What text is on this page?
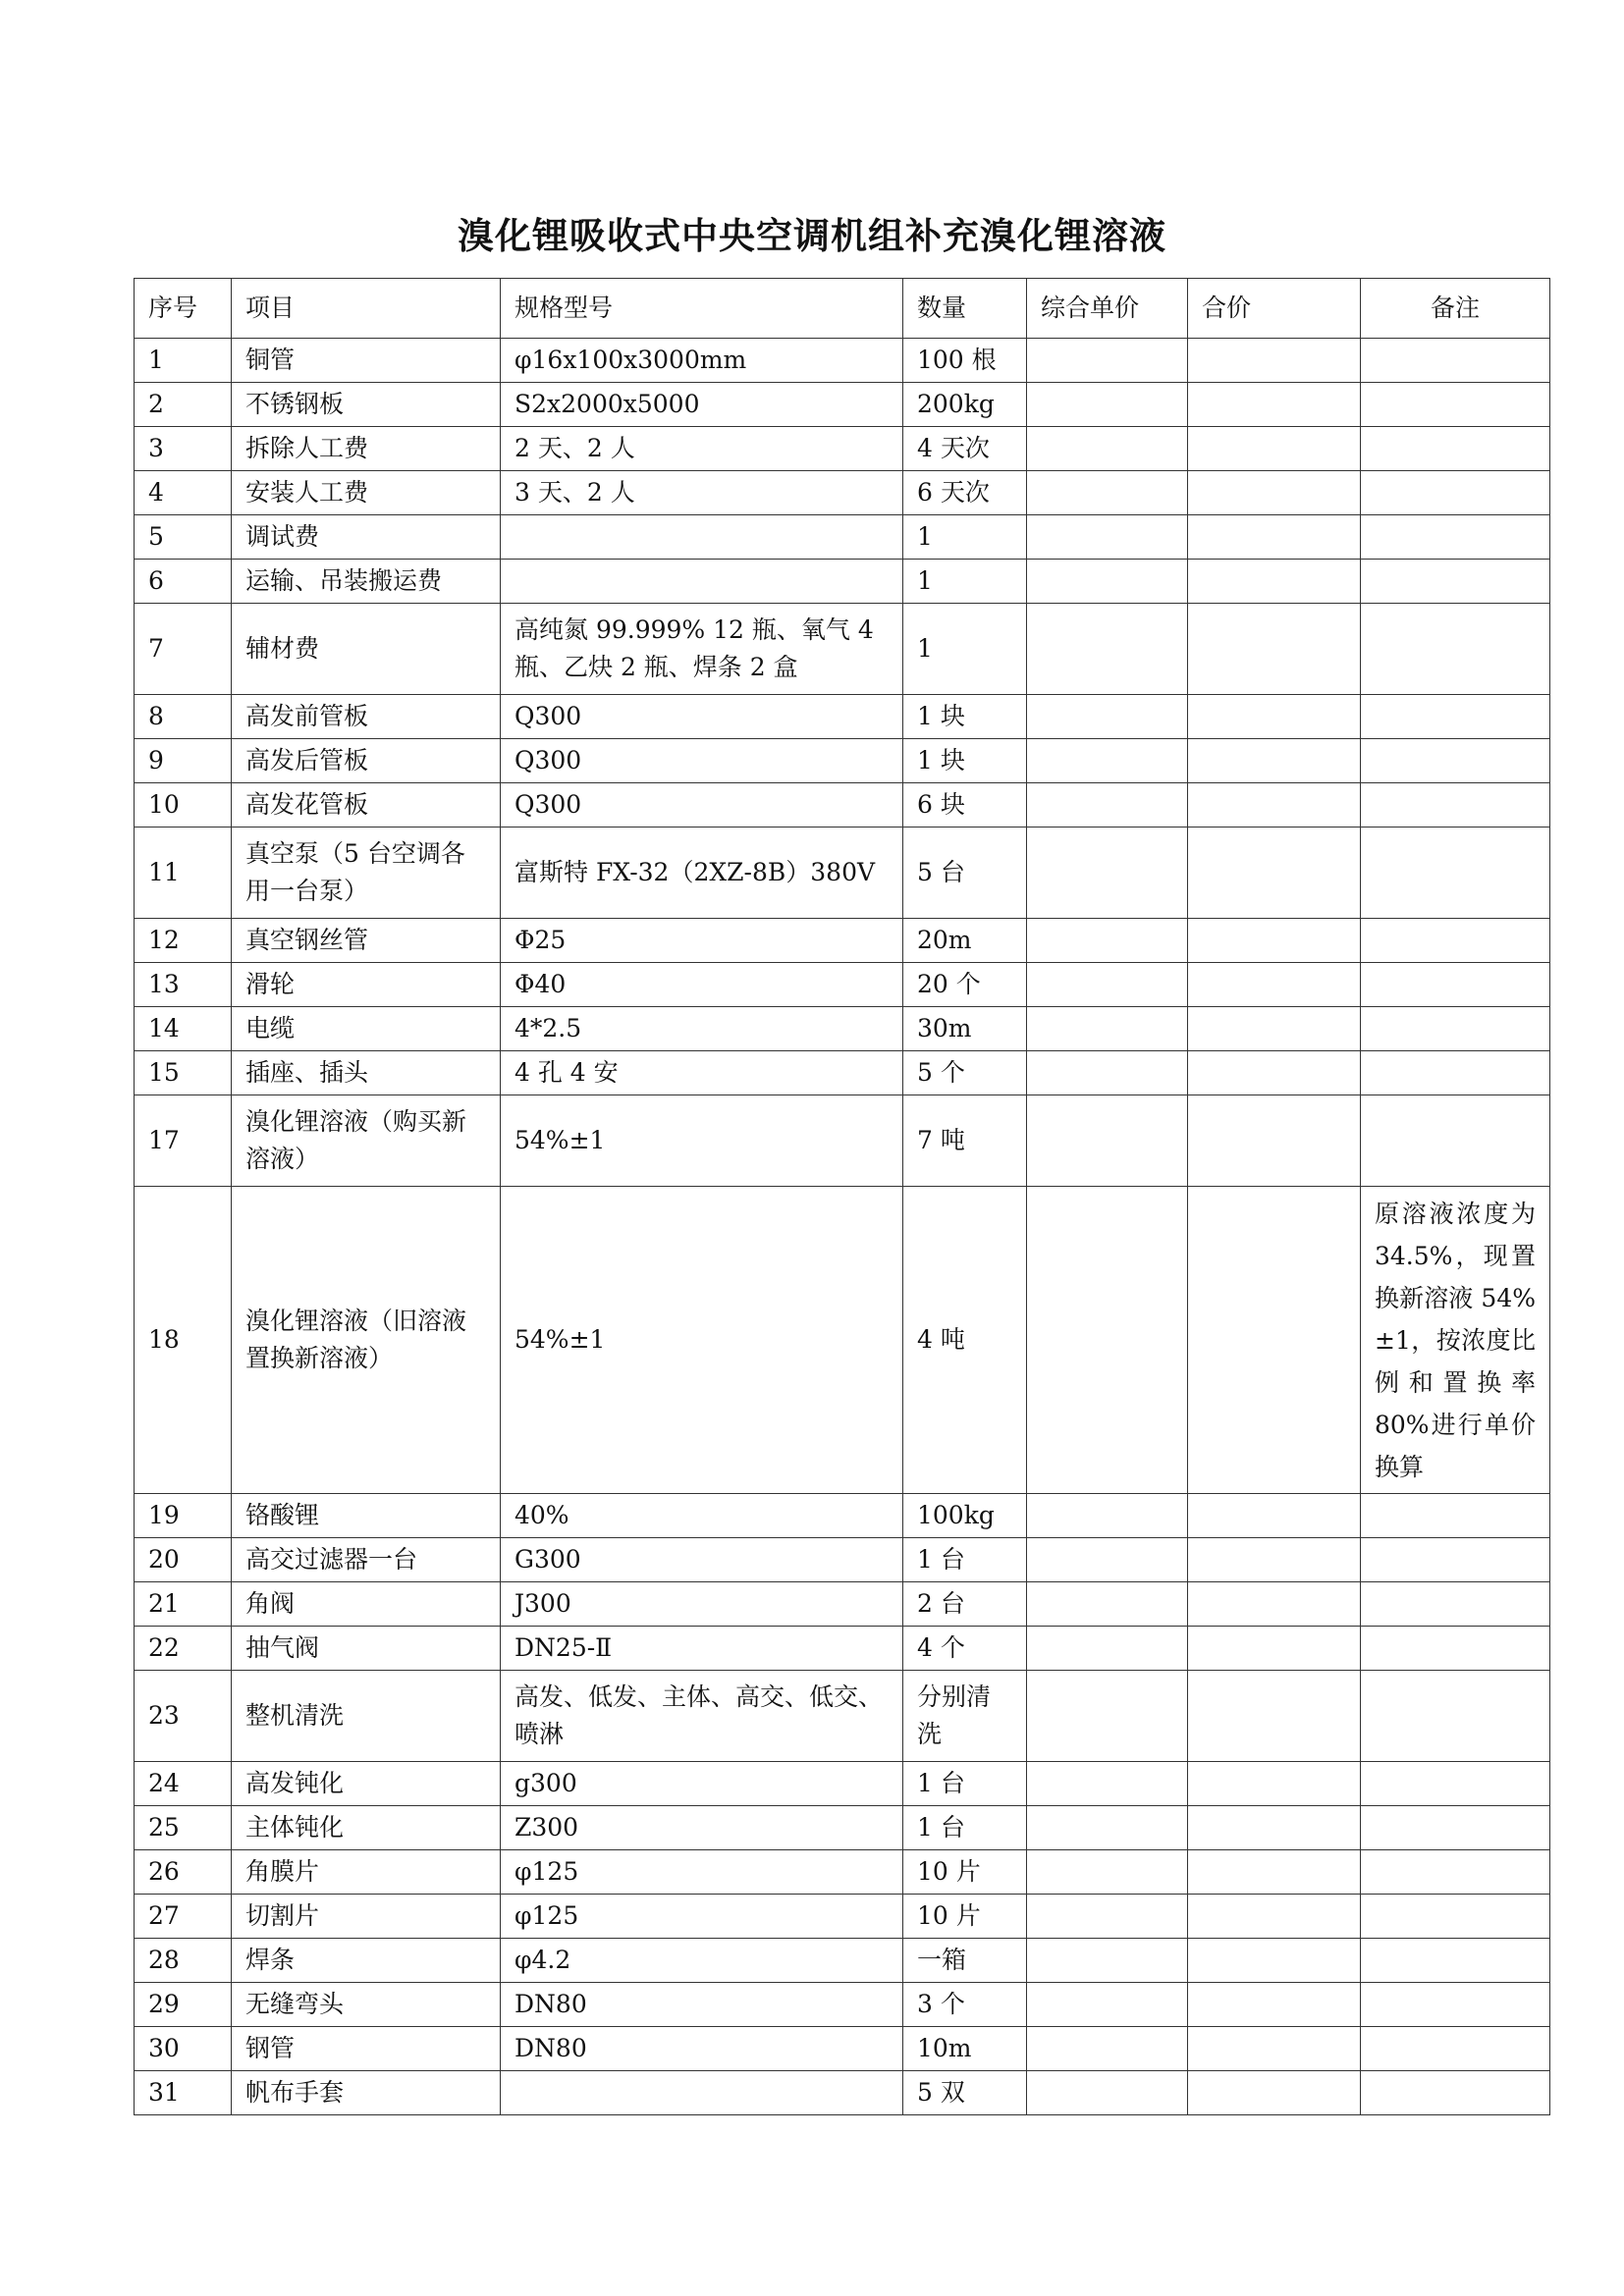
溴化锂吸收式中央空调机组补充溴化锂溶液
序号	项目	规格型号	数量	综合单价	合价	备注
1	铜管	φ16x100x3000mm	100 根			
2	不锈钢板	S2x2000x5000	200kg			
3	拆除人工费	2 天、2 人	4 天次			
4	安装人工费	3 天、2 人	6 天次			
5	调试费		1			
6	运输、吊装搬运费		1			
7	辅材费	高纯氮 99.999% 12 瓶、氧气 4 瓶、乙炔 2 瓶、焊条 2 盒	1			
8	高发前管板	Q300	1 块			
9	高发后管板	Q300	1 块			
10	高发花管板	Q300	6 块			
11	真空泵（5 台空调各用一台泵）	富斯特 FX-32（2XZ-8B）380V	5 台			
12	真空钢丝管	Φ25	20m			
13	滑轮	Φ40	20 个			
14	电缆	4*2.5	30m			
15	插座、插头	4 孔 4 安	5 个			
17	溴化锂溶液（购买新溶液）	54%±1	7 吨			
18	溴化锂溶液（旧溶液置换新溶液）	54%±1	4 吨			原溶液浓度为 34.5%，现置换新溶液 54%±1，按浓度比例和置换率 80%进行单价换算
19	铬酸锂	40%	100kg			
20	高交过滤器一台	G300	1 台			
21	角阀	J300	2 台			
22	抽气阀	DN25-Ⅱ	4 个			
23	整机清洗	高发、低发、主体、高交、低交、喷淋	分别清洗			
24	高发钝化	g300	1 台			
25	主体钝化	Z300	1 台			
26	角膜片	φ125	10 片			
27	切割片	φ125	10 片			
28	焊条	φ4.2	一箱			
29	无缝弯头	DN80	3 个			
30	钢管	DN80	10m			
31	帆布手套		5 双			
